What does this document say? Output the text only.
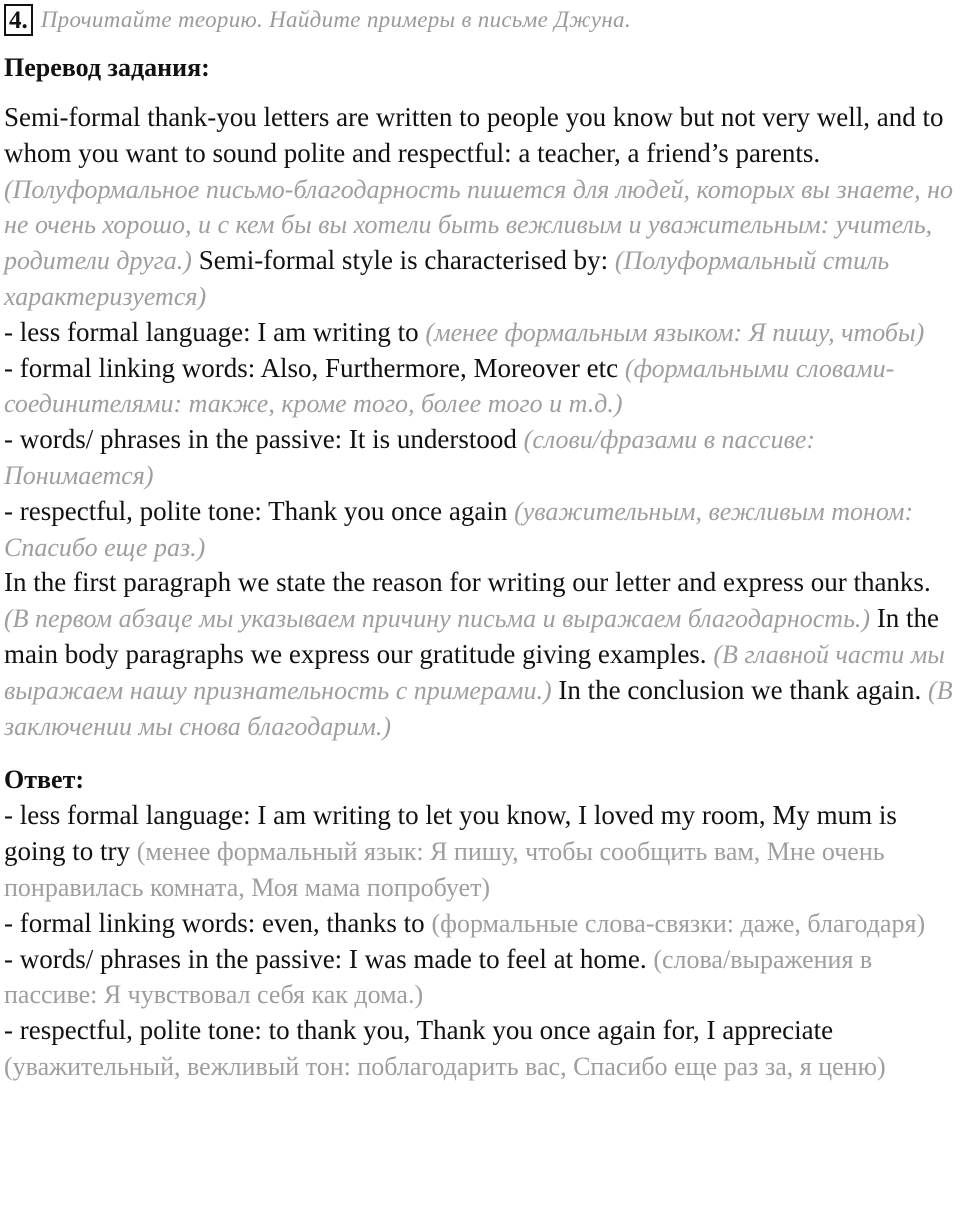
4. Прочитайте теорию. Найдите примеры в письме Джуна.
Перевод задания:
Semi-formal thank-you letters are written to people you know but not very well, and to whom you want to sound polite and respectful: a teacher, a friend’s parents. (Полуформальное письмо-благодарность пишется для людей, которых вы знаете, но не очень хорошо, и с кем бы вы хотели быть вежливым и уважительным: учитель, родители друга.) Semi-formal style is characterised by: (Полуформальный стиль характеризуется)
- less formal language: I am writing to (менее формальным языком: Я пишу, чтобы)
- formal linking words: Also, Furthermore, Moreover etc (формальными словами-соединителями: также, кроме того, более того и т.д.)
- words/ phrases in the passive: It is understood (слови/фразами в пассиве: Понимается)
- respectful, polite tone: Thank you once again (уважительным, вежливым тоном: Спасибо еще раз.)
In the first paragraph we state the reason for writing our letter and express our thanks. (В первом абзаце мы указываем причину письма и выражаем благодарность.) In the main body paragraphs we express our gratitude giving examples. (В главной части мы выражаем нашу признательность с примерами.) In the conclusion we thank again. (В заключении мы снова благодарим.)
Ответ:
- less formal language: I am writing to let you know, I loved my room, My mum is going to try (менее формальный язык: Я пишу, чтобы сообщить вам, Мне очень понравилась комната, Моя мама попробует)
- formal linking words: even, thanks to (формальные слова-связки: даже, благодаря)
- words/ phrases in the passive: I was made to feel at home. (слова/выражения в пассиве: Я чувствовал себя как дома.)
- respectful, polite tone: to thank you, Thank you once again for, I appreciate (уважительный, вежливый тон: поблагодарить вас, Спасибо еще раз за, я ценю)
